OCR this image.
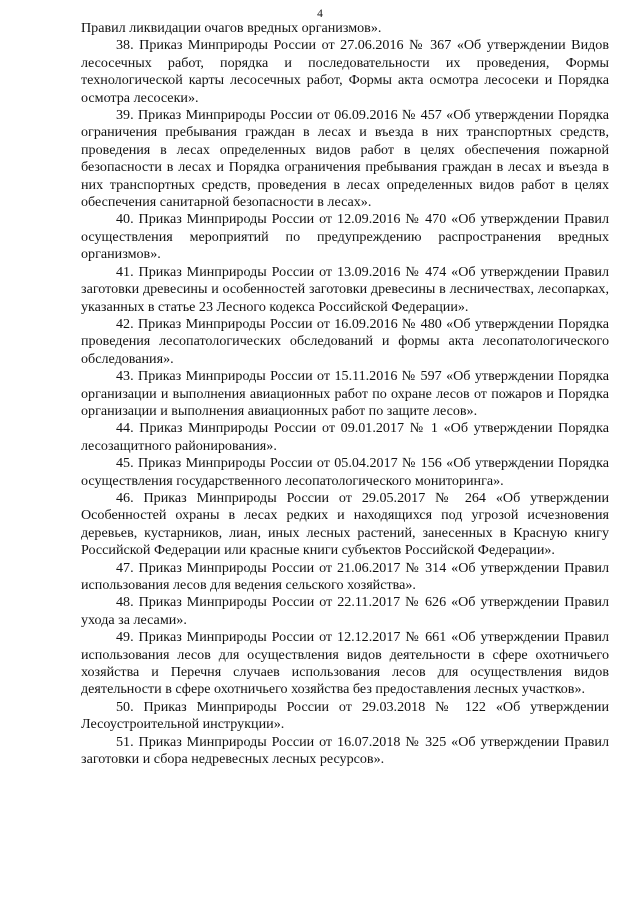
4

Правил ликвидации очагов вредных организмов».

38. Приказ Минприроды России от 27.06.2016 № 367 «Об утверждении Видов лесосечных работ, порядка и последовательности их проведения, Формы технологической карты лесосечных работ, Формы акта осмотра лесосеки и Порядка осмотра лесосеки».

39. Приказ Минприроды России от 06.09.2016 № 457 «Об утверждении Порядка ограничения пребывания граждан в лесах и въезда в них транспортных средств, проведения в лесах определенных видов работ в целях обеспечения пожарной безопасности в лесах и Порядка ограничения пребывания граждан в лесах и въезда в них транспортных средств, проведения в лесах определенных видов работ в целях обеспечения санитарной безопасности в лесах».

40. Приказ Минприроды России от 12.09.2016 № 470 «Об утверждении Правил осуществления мероприятий по предупреждению распространения вредных организмов».

41. Приказ Минприроды России от 13.09.2016 № 474 «Об утверждении Правил заготовки древесины и особенностей заготовки древесины в лесничествах, лесопарках, указанных в статье 23 Лесного кодекса Российской Федерации».

42. Приказ Минприроды России от 16.09.2016 № 480 «Об утверждении Порядка проведения лесопатологических обследований и формы акта лесопатологического обследования».

43. Приказ Минприроды России от 15.11.2016 № 597 «Об утверждении Порядка организации и выполнения авиационных работ по охране лесов от пожаров и Порядка организации и выполнения авиационных работ по защите лесов».

44. Приказ Минприроды России от 09.01.2017 № 1 «Об утверждении Порядка лесозащитного районирования».

45. Приказ Минприроды России от 05.04.2017 № 156 «Об утверждении Порядка осуществления государственного лесопатологического мониторинга».

46. Приказ Минприроды России от 29.05.2017 № 264 «Об утверждении Особенностей охраны в лесах редких и находящихся под угрозой исчезновения деревьев, кустарников, лиан, иных лесных растений, занесенных в Красную книгу Российской Федерации или красные книги субъектов Российской Федерации».

47. Приказ Минприроды России от 21.06.2017 № 314 «Об утверждении Правил использования лесов для ведения сельского хозяйства».

48. Приказ Минприроды России от 22.11.2017 № 626 «Об утверждении Правил ухода за лесами».

49. Приказ Минприроды России от 12.12.2017 № 661 «Об утверждении Правил использования лесов для осуществления видов деятельности в сфере охотничьего хозяйства и Перечня случаев использования лесов для осуществления видов деятельности в сфере охотничьего хозяйства без предоставления лесных участков».

50. Приказ Минприроды России от 29.03.2018 № 122 «Об утверждении Лесоустроительной инструкции».

51. Приказ Минприроды России от 16.07.2018 № 325 «Об утверждении Правил заготовки и сбора недревесных лесных ресурсов».
